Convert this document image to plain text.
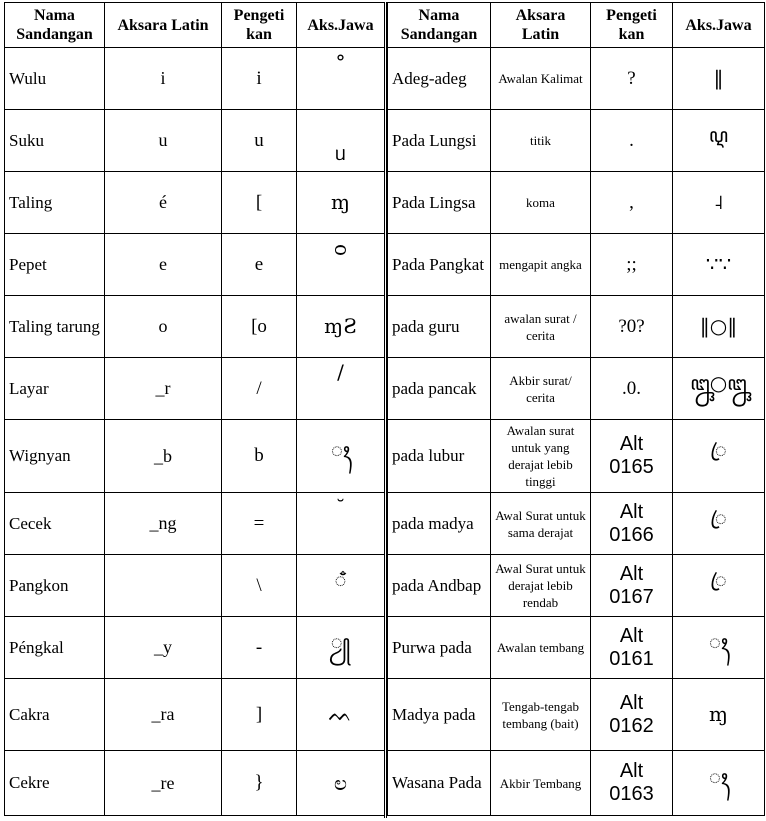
Nama Sandangan	Aksara Latin	Pengeti kan	Aks.Jawa
Wulu	i	i	°

Suku	u	u	ᥙ

Taling	é	[	ɱ
Pepet	e	e	ᴑ

Taling tarung	o	[o	ɱƧ
Layar	_r	/	/

Wignyan	_b	b	ꦃ
Cecek	_ng	=	˘

Pangkon		\	ꦀ
Péngkal	_y	-	ꦾ
Cakra	_ra	]	ᨓ
Cekre	_re	}	ಲ
Nama Sandangan	Aksara Latin	Pengeti kan	Aks.Jawa
Adeg-adeg	Awalan Kalimat	?	‖
Pada Lungsi	titik	.	ꦉ
Pada Lingsa	koma	,	˨
Pada Pangkat	mengapit angka	;;	∵∵
pada guru	awalan surat / cerita	?0?	‖○‖
pada pancak	Akbir surat/ cerita	.0.	ꦋ○ꦋ
pada lubur	Awalan surat untuk yang derajat lebib tinggi	Alt 0165	ꦿ
pada madya	Awal Surat untuk sama derajat	Alt 0166	ꦿ
pada Andbap	Awal Surat untuk derajat lebib rendab	Alt 0167	ꦿ
Purwa pada	Awalan tembang	Alt 0161	ꦃ
Madya pada	Tengab-tengab tembang (bait)	Alt 0162	ɱ
Wasana Pada	Akbir Tembang	Alt 0163	ꦃ
